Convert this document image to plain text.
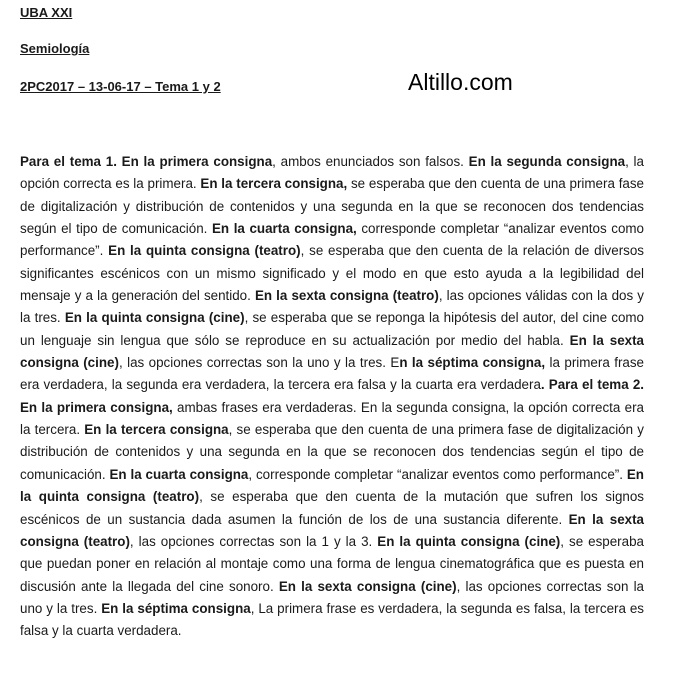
UBA XXI
Semiología
2PC2017 – 13-06-17 – Tema 1 y 2	Altillo.com

Para el tema 1. En la primera consigna, ambos enunciados son falsos. En la segunda consigna, la opción correcta es la primera. En la tercera consigna, se esperaba que den cuenta de una primera fase de digitalización y distribución de contenidos y una segunda en la que se reconocen dos tendencias según el tipo de comunicación. En la cuarta consigna, corresponde completar “analizar eventos como performance”. En la quinta consigna (teatro), se esperaba que den cuenta de la relación de diversos significantes escénicos con un mismo significado y el modo en que esto ayuda a la legibilidad del mensaje y a la generación del sentido. En la sexta consigna (teatro), las opciones válidas con la dos y la tres. En la quinta consigna (cine), se esperaba que se reponga la hipótesis del autor, del cine como un lenguaje sin lengua que sólo se reproduce en su actualización por medio del habla. En la sexta consigna (cine), las opciones correctas son la uno y la tres. En la séptima consigna, la primera frase era verdadera, la segunda era verdadera, la tercera era falsa y la cuarta era verdadera. Para el tema 2. En la primera consigna, ambas frases era verdaderas. En la segunda consigna, la opción correcta era la tercera. En la tercera consigna, se esperaba que den cuenta de una primera fase de digitalización y distribución de contenidos y una segunda en la que se reconocen dos tendencias según el tipo de comunicación. En la cuarta consigna, corresponde completar “analizar eventos como performance”. En la quinta consigna (teatro), se esperaba que den cuenta de la mutación que sufren los signos escénicos de un sustancia dada asumen la función de los de una sustancia diferente. En la sexta consigna (teatro), las opciones correctas son la 1 y la 3. En la quinta consigna (cine), se esperaba que puedan poner en relación al montaje como una forma de lengua cinematográfica que es puesta en discusión ante la llegada del cine sonoro. En la sexta consigna (cine), las opciones correctas son la uno y la tres. En la séptima consigna, La primera frase es verdadera, la segunda es falsa, la tercera es falsa y la cuarta verdadera.
